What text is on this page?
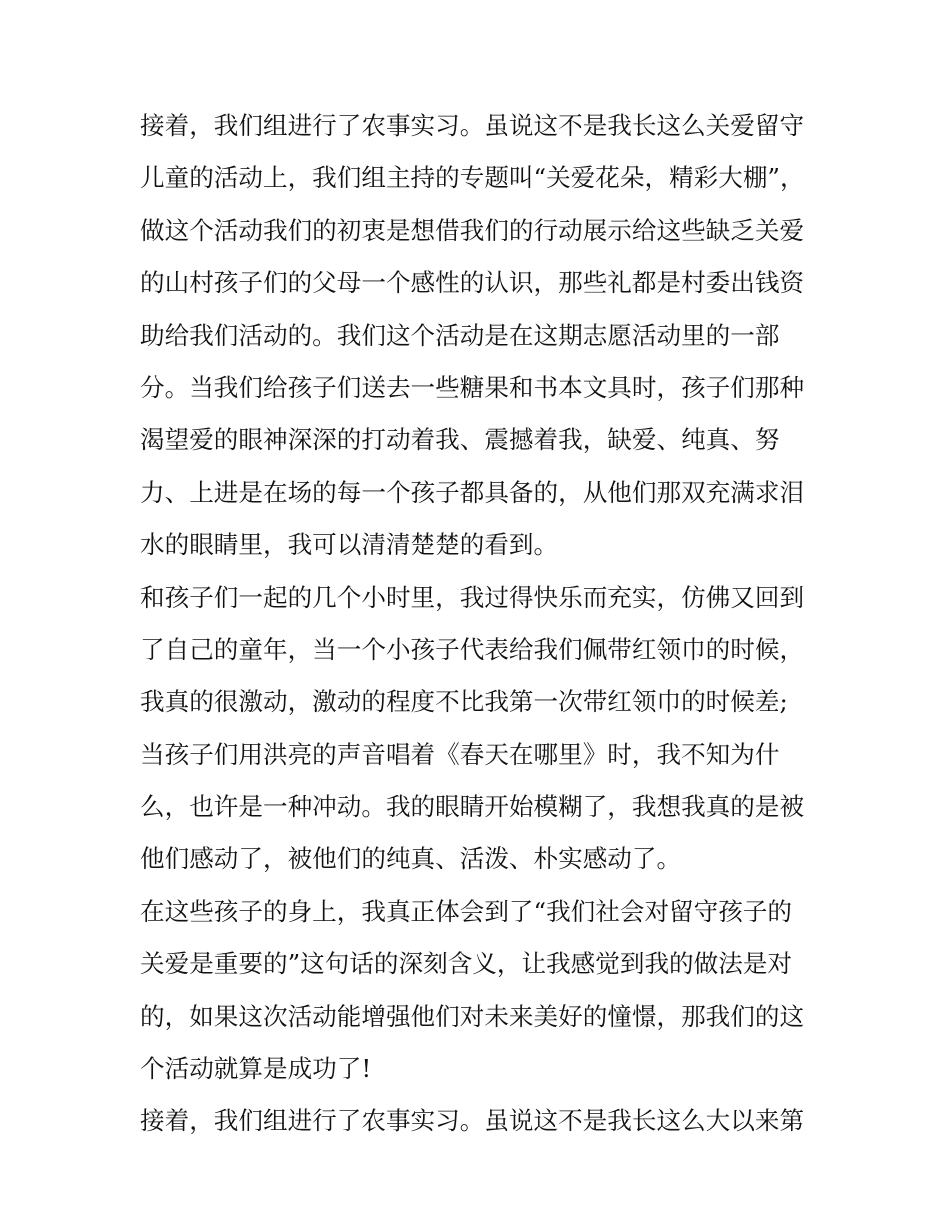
接着，我们组进行了农事实习。虽说这不是我长这么关爱留守
儿童的活动上，我们组主持的专题叫“关爱花朵，精彩大棚”，
做这个活动我们的初衷是想借我们的行动展示给这些缺乏关爱
的山村孩子们的父母一个感性的认识，那些礼都是村委出钱资
助给我们活动的。我们这个活动是在这期志愿活动里的一部
分。当我们给孩子们送去一些糖果和书本文具时，孩子们那种
渴望爱的眼神深深的打动着我、震撼着我，缺爱、纯真、努
力、上进是在场的每一个孩子都具备的，从他们那双充满求泪
水的眼睛里，我可以清清楚楚的看到。
和孩子们一起的几个小时里，我过得快乐而充实，仿佛又回到
了自己的童年，当一个小孩子代表给我们佩带红领巾的时候，
我真的很激动，激动的程度不比我第一次带红领巾的时候差;
当孩子们用洪亮的声音唱着《春天在哪里》时，我不知为什
么，也许是一种冲动。我的眼睛开始模糊了，我想我真的是被
他们感动了，被他们的纯真、活泼、朴实感动了。
在这些孩子的身上，我真正体会到了“我们社会对留守孩子的
关爱是重要的”这句话的深刻含义，让我感觉到我的做法是对
的，如果这次活动能增强他们对未来美好的憧憬，那我们的这
个活动就算是成功了!
接着，我们组进行了农事实习。虽说这不是我长这么大以来第
